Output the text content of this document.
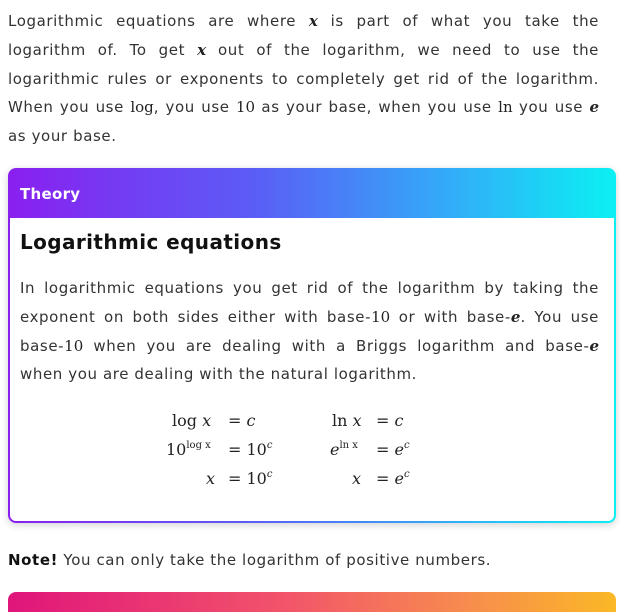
Logarithmic equations are where x is part of what you take the logarithm of. To get x out of the logarithm, we need to use the logarithmic rules or exponents to completely get rid of the logarithm. When you use log, you use 10 as your base, when you use ln you use e as your base.

Theory
Logarithmic equations

In logarithmic equations you get rid of the logarithm by taking the exponent on both sides either with base-10 or with base-e. You use base-10 when you are dealing with a Briggs logarithm and base-e when you are dealing with the natural logarithm.

log x = c
$10^{log x} = 10^c$
$x = 10^c$
ln x = c
$e^{ln x} = e^c$
$x = e^c$

Note! You can only take the logarithm of positive numbers.
